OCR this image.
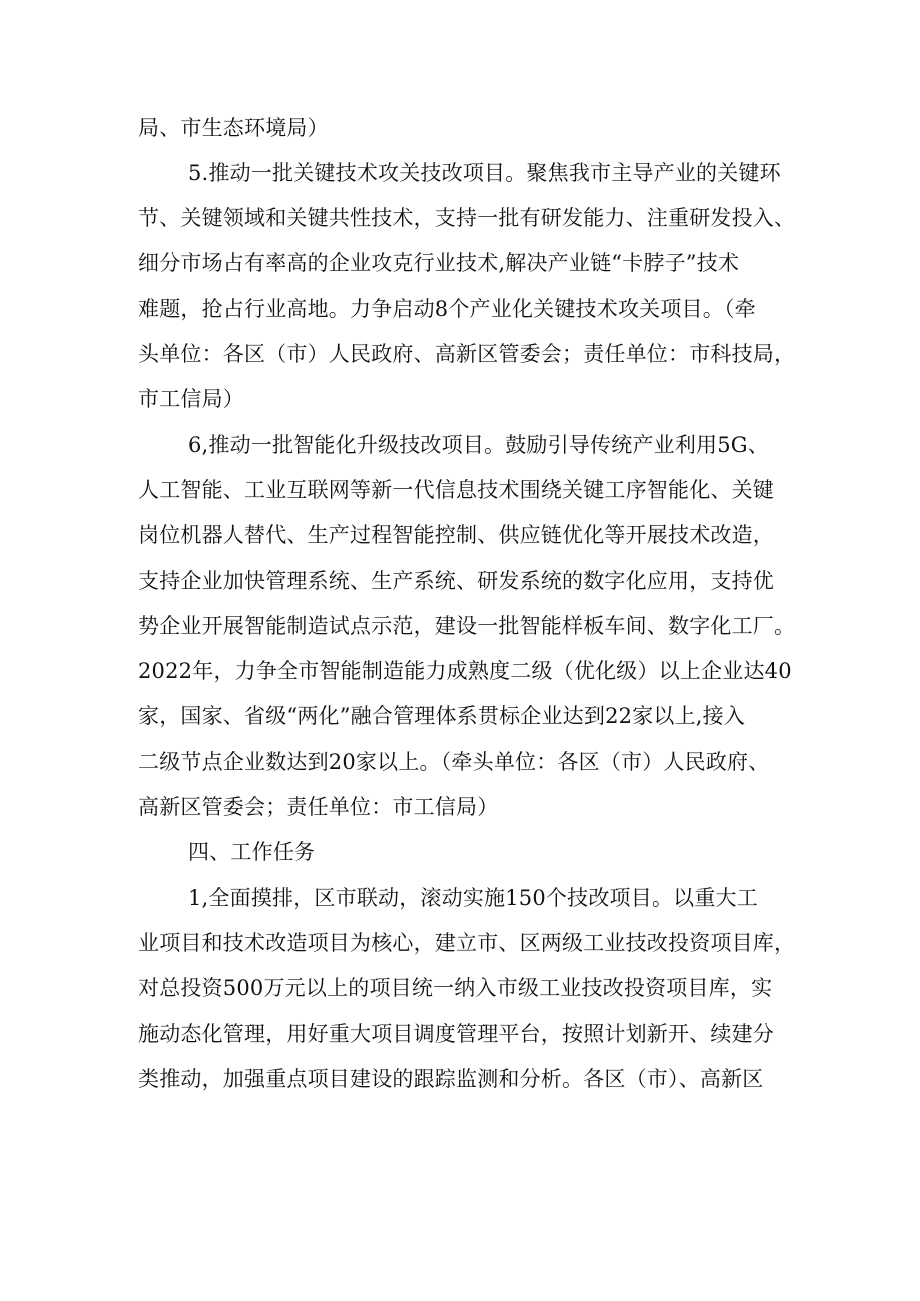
局、市生态环境局）
5.推动一批关键技术攻关技改项目。聚焦我市主导产业的关键环
节、关键领域和关键共性技术，支持一批有研发能力、注重研发投入、
细分市场占有率高的企业攻克行业技术,解决产业链“卡脖子”技术
难题，抢占行业高地。力争启动8个产业化关键技术攻关项目。（牵
头单位：各区（市）人民政府、高新区管委会；责任单位：市科技局，
市工信局）
6,推动一批智能化升级技改项目。鼓励引导传统产业利用5G、
人工智能、工业互联网等新一代信息技术围绕关键工序智能化、关键
岗位机器人替代、生产过程智能控制、供应链优化等开展技术改造，
支持企业加快管理系统、生产系统、研发系统的数字化应用，支持优
势企业开展智能制造试点示范，建设一批智能样板车间、数字化工厂。
2022年，力争全市智能制造能力成熟度二级（优化级）以上企业达40
家，国家、省级“两化”融合管理体系贯标企业达到22家以上,接入
二级节点企业数达到20家以上。（牵头单位：各区（市）人民政府、
高新区管委会；责任单位：市工信局）
四、工作任务
1,全面摸排，区市联动，滚动实施150个技改项目。以重大工
业项目和技术改造项目为核心，建立市、区两级工业技改投资项目库，
对总投资500万元以上的项目统一纳入市级工业技改投资项目库，实
施动态化管理，用好重大项目调度管理平台，按照计划新开、续建分
类推动，加强重点项目建设的跟踪监测和分析。各区（市）、高新区
